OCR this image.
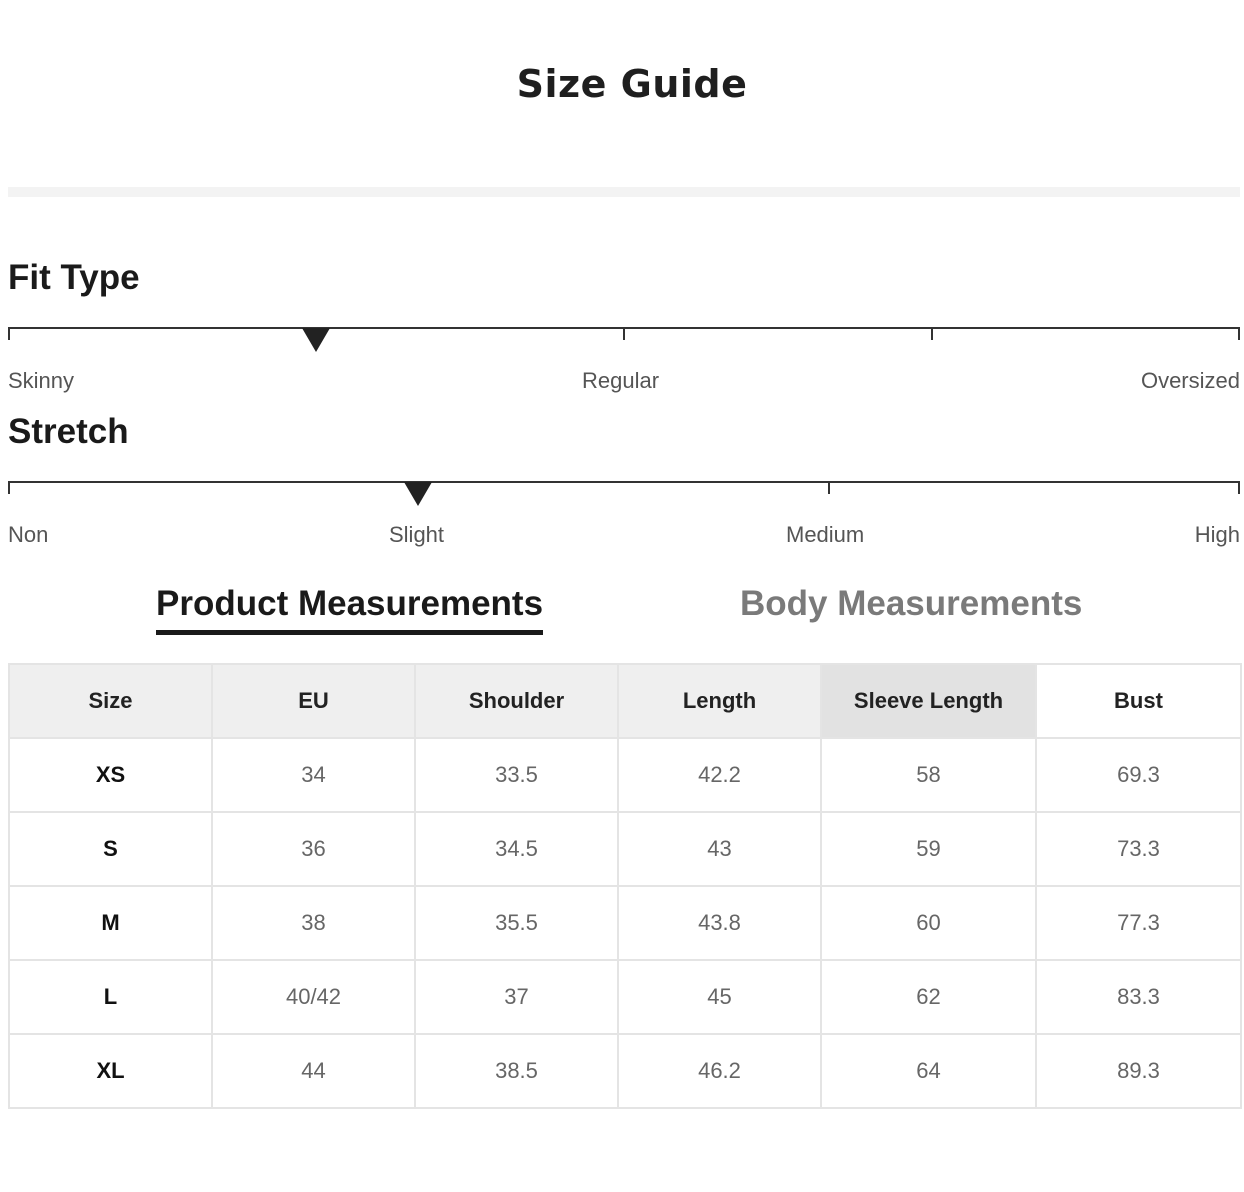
Size Guide
Fit Type
Skinny	Regular	Oversized
Stretch
Non	Slight	Medium	High
Product Measurements	Body Measurements
Size	EU	Shoulder	Length	Sleeve Length	Bust
XS	34	33.5	42.2	58	69.3
S	36	34.5	43	59	73.3
M	38	35.5	43.8	60	77.3
L	40/42	37	45	62	83.3
XL	44	38.5	46.2	64	89.3
